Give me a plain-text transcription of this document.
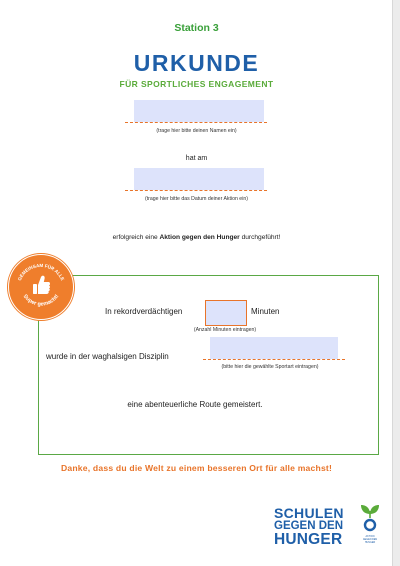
Station 3
URKUNDE
FÜR SPORTLICHES ENGAGEMENT
(trage hier bitte deinen Namen ein)
hat am
(trage hier bitte das Datum deiner Aktion ein)
erfolgreich eine Aktion gegen den Hunger durchgeführt!
In rekordverdächtigen	Minuten
(Anzahl Minuten eintragen)
wurde in der waghalsigen Disziplin
(bitte hier die gewählte Sportart eintragen)
eine abenteuerliche Route gemeistert.
GEMEINSAM FÜR ALLE
Super gemacht!
Danke, dass du die Welt zu einem besseren Ort für alle machst!
SCHULEN
GEGEN DEN
HUNGER	AKTION
GEGEN DEN
HUNGER
